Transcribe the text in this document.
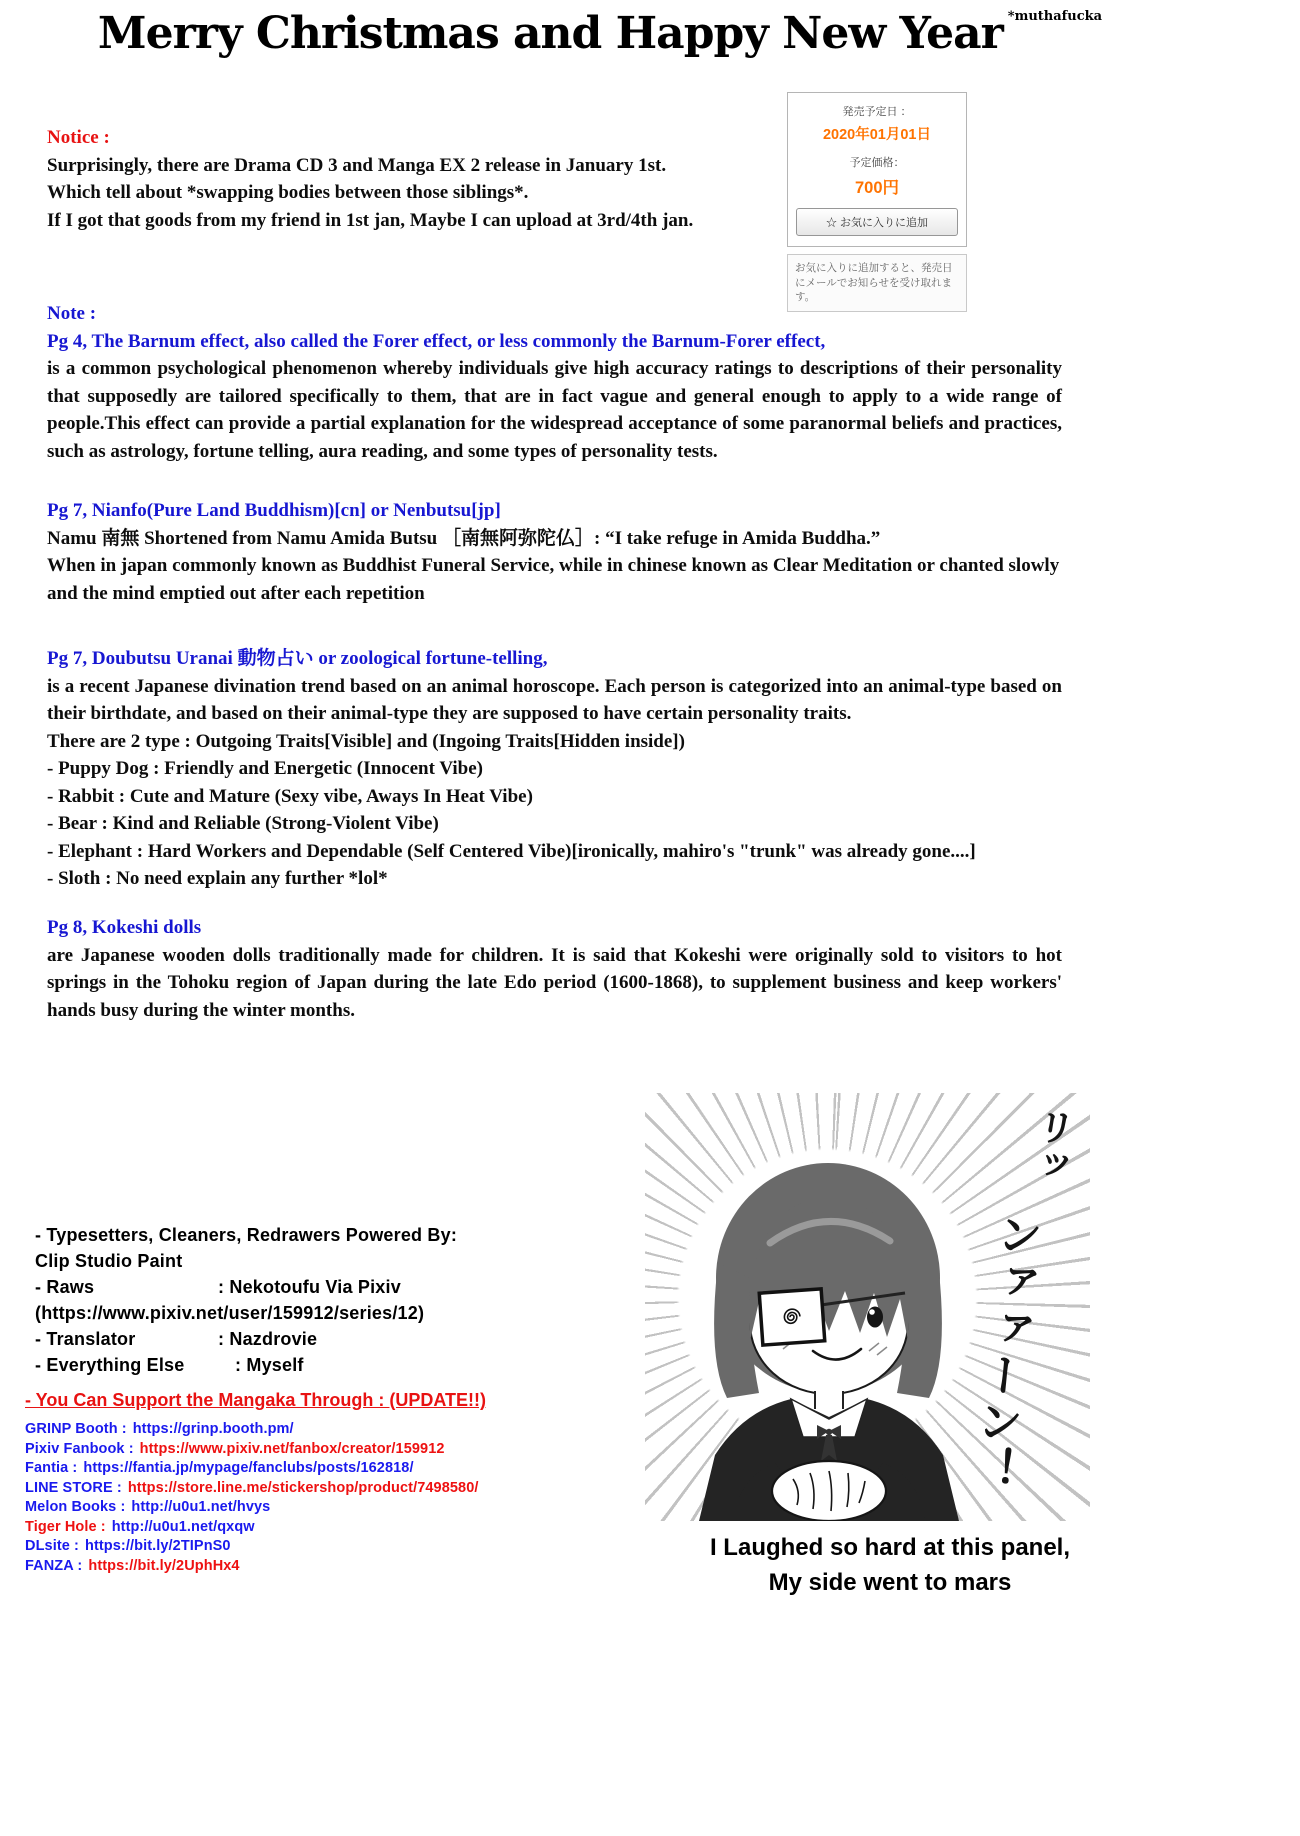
Merry Christmas and Happy New Year $^{*muthafucka}$
発売予定日 ：
2020年01月01日
予定価格：
700円
☆ お気に入りに追加
お気に入りに追加すると、発売日にメールでお知らせを受け取れます。
Notice :
Surprisingly, there are Drama CD 3 and Manga EX 2 release in January 1st.
Which tell about *swapping bodies between those siblings*.
If I got that goods from my friend in 1st jan, Maybe I can upload at 3rd/4th jan.
Note :
Pg 4, The Barnum effect, also called the Forer effect, or less commonly the Barnum-Forer effect,
is a common psychological phenomenon whereby individuals give high accuracy ratings to descriptions of their personality that supposedly are tailored specifically to them, that are in fact vague and general enough to apply to a wide range of people.This effect can provide a partial explanation for the widespread acceptance of some paranormal beliefs and practices, such as astrology, fortune telling, aura reading, and some types of personality tests.
Pg 7, Nianfo(Pure Land Buddhism)[cn] or Nenbutsu[jp]
Namu 南無 Shortened from Namu Amida Butsu ［南無阿弥陀仏］: “I take refuge in Amida Buddha.”
When in japan commonly known as Buddhist Funeral Service, while in chinese known as Clear Meditation or chanted slowly and the mind emptied out after each repetition
Pg 7, Doubutsu Uranai 動物占い or zoological fortune-telling,
is a recent Japanese divination trend based on an animal horoscope. Each person is categorized into an animal-type based on their birthdate, and based on their animal-type they are supposed to have certain personality traits.
There are 2 type : Outgoing Traits[Visible] and (Ingoing Traits[Hidden inside])
- Puppy Dog : Friendly and Energetic (Innocent Vibe)
- Rabbit : Cute and Mature (Sexy vibe, Aways In Heat Vibe)
- Bear : Kind and Reliable (Strong-Violent Vibe)
- Elephant : Hard Workers and Dependable (Self Centered Vibe)[ironically, mahiro's "trunk" was already gone....]
- Sloth : No need explain any further *lol*
Pg 8, Kokeshi dolls
are Japanese wooden dolls traditionally made for children. It is said that Kokeshi were originally sold to visitors to hot springs in the Tohoku region of Japan during the late Edo period (1600-1868), to supplement business and keep workers' hands busy during the winter months.
- Typesetters, Cleaners, Redrawers Powered By:
Clip Studio Paint
- Raws	: Nekotoufu Via Pixiv
(https://www.pixiv.net/user/159912/series/12)
- Translator	: Nazdrovie
- Everything Else	: Myself
- You Can Support the Mangaka Through : (UPDATE!!)
GRINP Booth : https://grinp.booth.pm/
Pixiv Fanbook : https://www.pixiv.net/fanbox/creator/159912
Fantia : https://fantia.jp/mypage/fanclubs/posts/162818/
LINE STORE : https://store.line.me/stickershop/product/7498580/
Melon Books : http://u0u1.net/hvys
Tiger Hole : http://u0u1.net/qxqw
DLsite : https://bit.ly/2TIPnS0
FANZA : https://bit.ly/2UphHx4
リッ
ンァァーン！
I Laughed so hard at this panel,
My side went to mars
